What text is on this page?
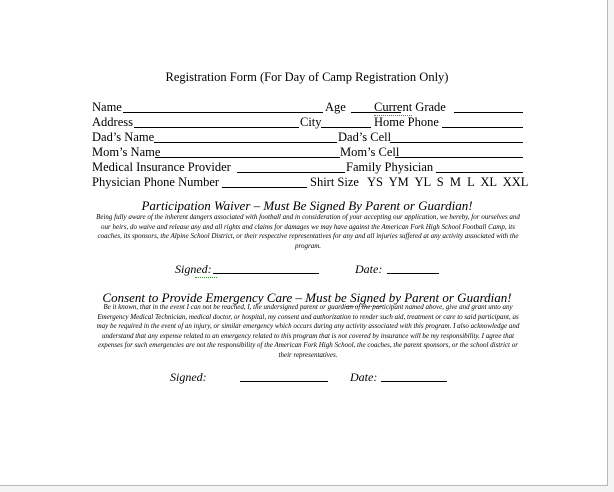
Registration Form (For Day of Camp Registration Only)
Name	Age Current Grade
Address	City	Home Phone
Dad’s Name	Dad’s Cell
Mom’s Name	Mom’s Cell
Medical Insurance Provider	Family Physician
Physician Phone Number	Shirt Size YS YM YL S M L XL XXL
Participation Waiver – Must Be Signed By Parent or Guardian!
Being fully aware of the inherent dangers associated with football and in consideration of your accepting our application, we hereby, for ourselves and our heirs, do waive and release any and all rights and claims for damages we may have against the American Fork High School Football Camp, its coaches, its sponsors, the Alpine School District, or their respective representatives for any and all injuries suffered at any activity associated with the program.
Signed:	Date:
Consent to Provide Emergency Care – Must be Signed by Parent or Guardian!
Be it known, that in the event I can not be reached, I, the undersigned parent or guardian of the participant named above, give and grant unto any Emergency Medical Technician, medical doctor, or hospital, my consent and authorization to render such aid, treatment or care to said participant, as may be required in the event of an injury, or similar emergency which occurs during any activity associated with this program. I also acknowledge and understand that any expense related to an emergency related to this program that is not covered by insurance will be my responsibility. I agree that expenses for such emergencies are not the responsibility of the American Fork High School, the coaches, the parent sponsors, or the school district or their representatives.
Signed:	Date:
